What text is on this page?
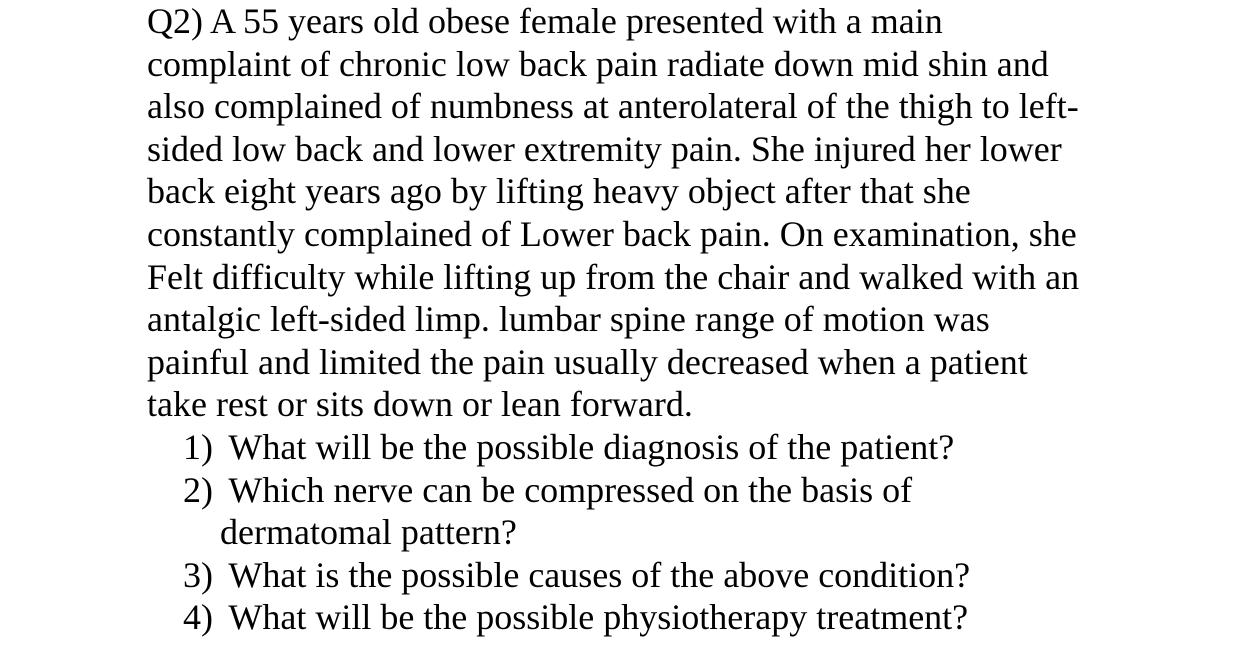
Q2) A 55 years old obese female presented with a main
complaint of chronic low back pain radiate down mid shin and
also complained of numbness at anterolateral of the thigh to left-
sided low back and lower extremity pain. She injured her lower
back eight years ago by lifting heavy object after that she
constantly complained of Lower back pain. On examination, she
Felt difficulty while lifting up from the chair and walked with an
antalgic left-sided limp. lumbar spine range of motion was
painful and limited the pain usually decreased when a patient
take rest or sits down or lean forward.
1) What will be the possible diagnosis of the patient?
2) Which nerve can be compressed on the basis of
dermatomal pattern?
3) What is the possible causes of the above condition?
4) What will be the possible physiotherapy treatment?
